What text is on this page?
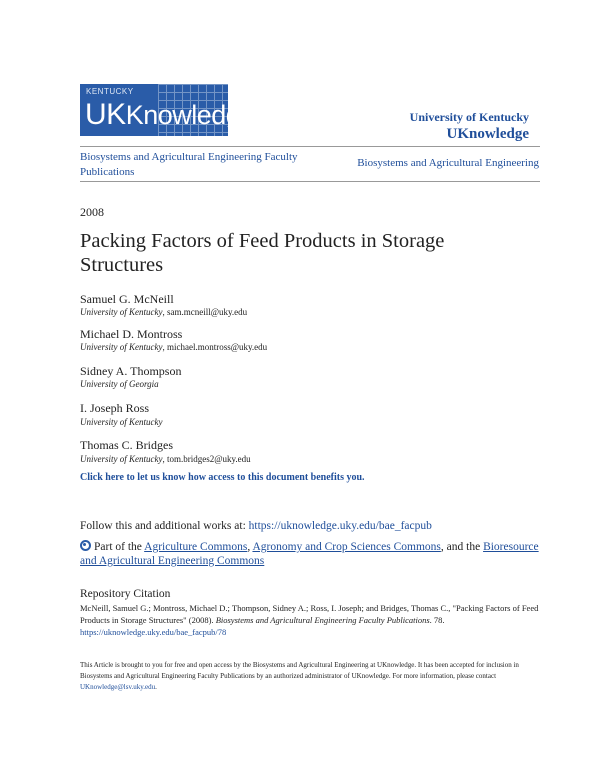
KENTUCKY
UKKnowledge	University of Kentucky
UKnowledge
Biosystems and Agricultural Engineering Faculty Publications
Biosystems and Agricultural Engineering
2008
Packing Factors of Feed Products in Storage Structures
Samuel G. McNeill
University of Kentucky, sam.mcneill@uky.edu
Michael D. Montross
University of Kentucky, michael.montross@uky.edu
Sidney A. Thompson
University of Georgia
I. Joseph Ross
University of Kentucky
Thomas C. Bridges
University of Kentucky, tom.bridges2@uky.edu
Click here to let us know how access to this document benefits you.
Follow this and additional works at: https://uknowledge.uky.edu/bae_facpub
Part of the Agriculture Commons, Agronomy and Crop Sciences Commons, and the Bioresource and Agricultural Engineering Commons
Repository Citation
McNeill, Samuel G.; Montross, Michael D.; Thompson, Sidney A.; Ross, I. Joseph; and Bridges, Thomas C., "Packing Factors of Feed Products in Storage Structures" (2008). Biosystems and Agricultural Engineering Faculty Publications. 78.
https://uknowledge.uky.edu/bae_facpub/78
This Article is brought to you for free and open access by the Biosystems and Agricultural Engineering at UKnowledge. It has been accepted for inclusion in Biosystems and Agricultural Engineering Faculty Publications by an authorized administrator of UKnowledge. For more information, please contact UKnowledge@lsv.uky.edu.
